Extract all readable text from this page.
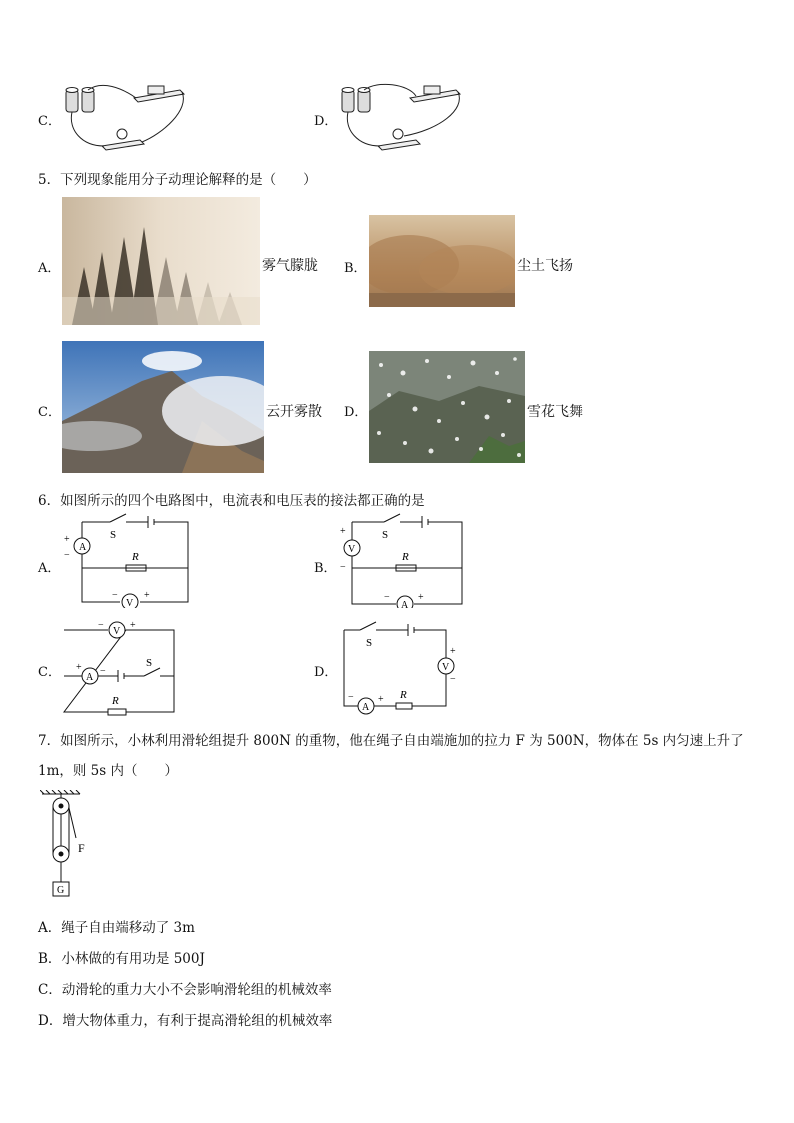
C．	D．
5．下列现象能用分子动理论解释的是（　　）
A．	雾气朦胧 B．	尘土飞扬
C．	云开雾散 D．	雪花飞舞
6．如图所示的四个电路图中，电流表和电压表的接法都正确的是
A．
A
V
S
R
+
−
−	+
B．
V
A
S
R
+
−
−	+
C．
V
A
S
R
−	+
+ −	D．	V
A
S
R
+
−
− +
7．如图所示，小林利用滑轮组提升 800N 的重物，他在绳子自由端施加的拉力 F 为 500N，物体在 5s 内匀速上升了
1m，则 5s 内（　　）
F
G
A．绳子自由端移动了 3m
B．小林做的有用功是 500J
C．动滑轮的重力大小不会影响滑轮组的机械效率
D．增大物体重力，有利于提高滑轮组的机械效率
